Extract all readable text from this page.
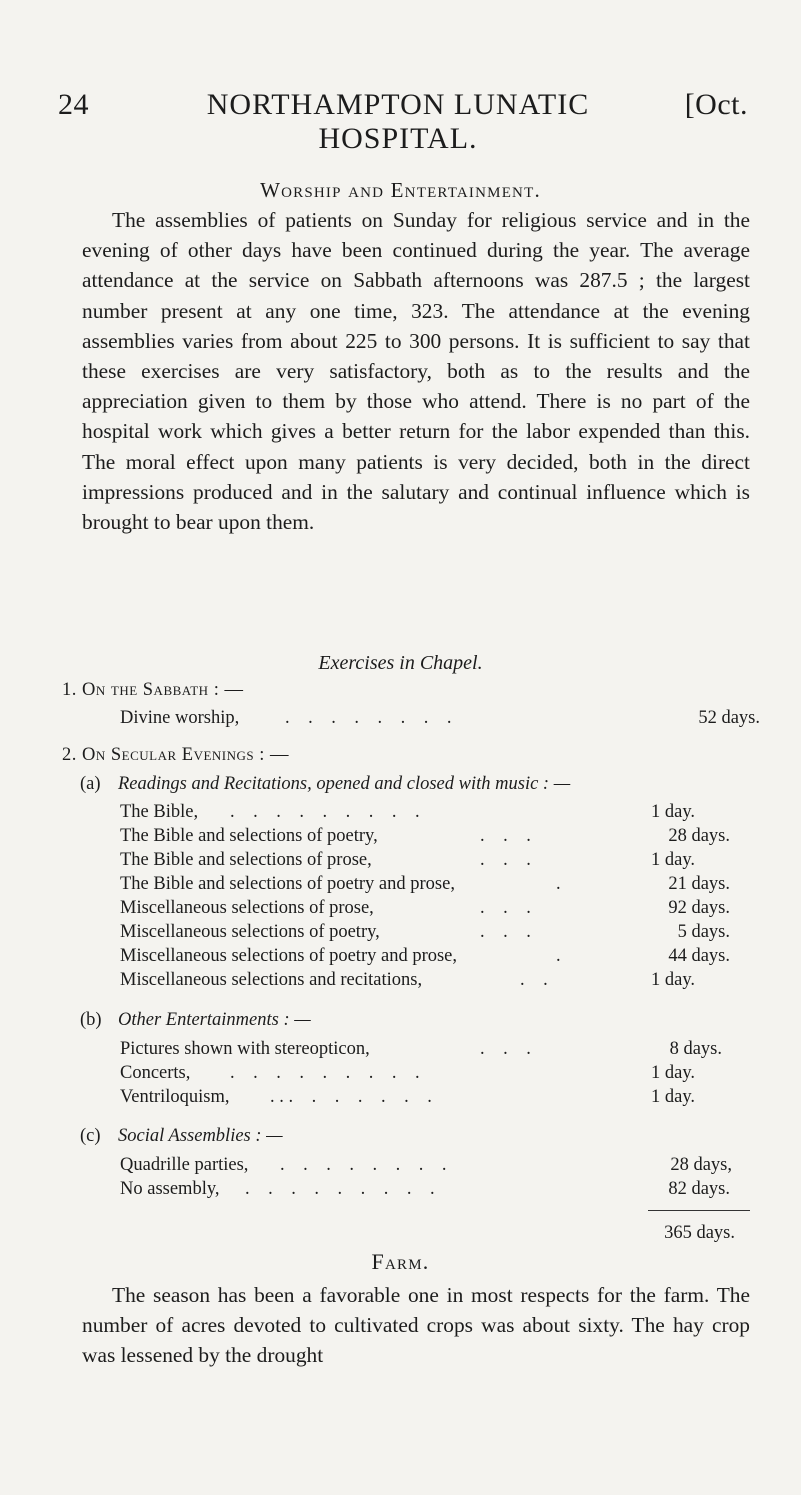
24	NORTHAMPTON LUNATIC HOSPITAL.
[Oct.
Worship and Entertainment.
The assemblies of patients on Sunday for religious service and in the evening of other days have been continued during the year. The average attendance at the service on Sabbath afternoons was 287.5 ; the largest number present at any one time, 323. The attendance at the evening assemblies varies from about 225 to 300 persons. It is sufficient to say that these exercises are very satisfactory, both as to the results and the appreciation given to them by those who attend. There is no part of the hospital work which gives a better return for the labor expended than this. The moral effect upon many patients is very decided, both in the direct impressions produced and in the salutary and continual influence which is brought to bear upon them.
Exercises in Chapel.
1. On the Sabbath : —
Divine worship, .    .    .    .    .    .    .    .	52 days.
2. On Secular Evenings : —
(a) Readings and Recitations, opened and closed with music : —
The Bible, .    .    .    .    .    .    .    .    .	1 day.
The Bible and selections of poetry,	.    .    .	28 days.
The Bible and selections of prose,	.    .    .	1 day.
The Bible and selections of poetry and prose,	.	21 days.
Miscellaneous selections of prose,	.    .    .	92 days.
Miscellaneous selections of poetry,	.    .    .	5 days.
Miscellaneous selections of poetry and prose,	.	44 days.
Miscellaneous selections and recitations,	.    .	1 day.
(b) Other Entertainments : —
Pictures shown with stereopticon,	.    .    .	8 days.
Concerts, .    .    .    .    .    .    .    .    .	1 day.
Ventriloquism, . . .    .    .    .    .    .    .	1 day.
(c) Social Assemblies : —
Quadrille parties, .    .    .    .    .    .    .    .	28 days,
No assembly, .    .    .    .    .    .    .    .    .	82 days.
365 days.
Farm.
The season has been a favorable one in most respects for the farm. The number of acres devoted to cultivated crops was about sixty. The hay crop was lessened by the drought
